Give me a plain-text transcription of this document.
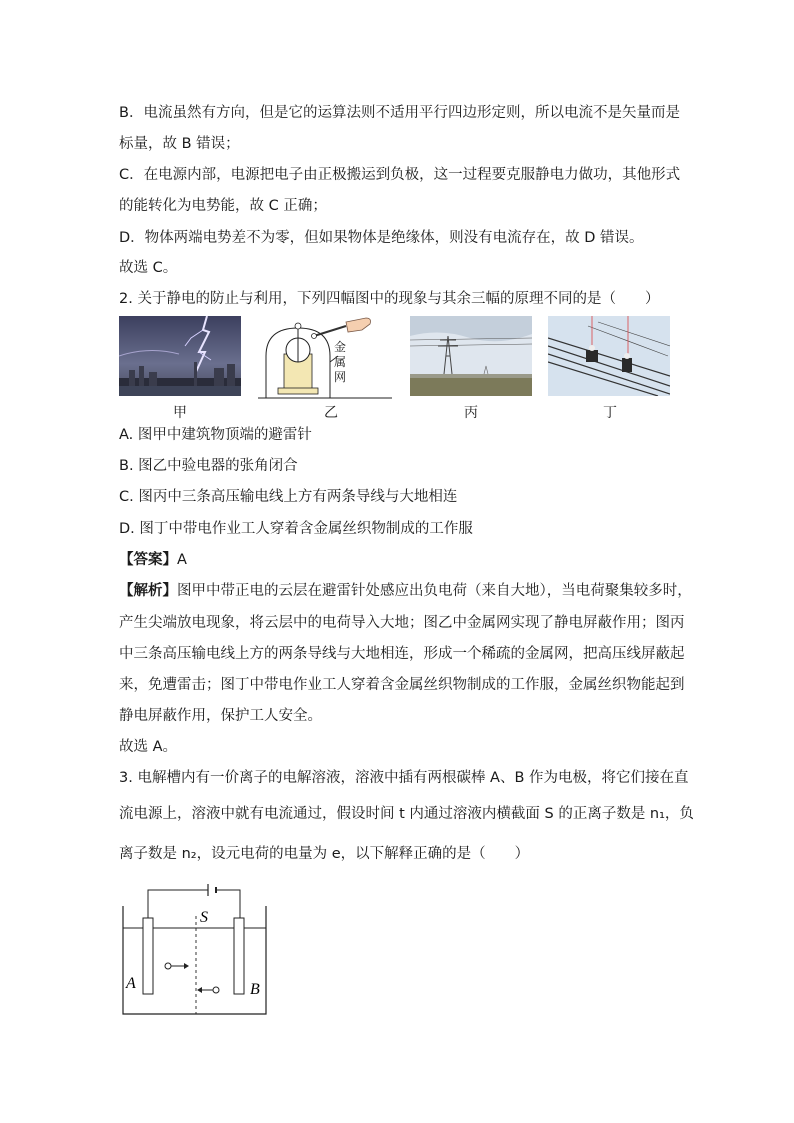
B．电流虽然有方向，但是它的运算法则不适用平行四边形定则，所以电流不是矢量而是
标量，故 B 错误；
C．在电源内部，电源把电子由正极搬运到负极，这一过程要克服静电力做功，其他形式
的能转化为电势能，故 C 正确；
D．物体两端电势差不为零，但如果物体是绝缘体，则没有电流存在，故 D 错误。
故选 C。
2. 关于静电的防止与利用，下列四幅图中的现象与其余三幅的原理不同的是（　　）
金
属
网
甲	乙	丙	丁
A. 图甲中建筑物顶端的避雷针
B. 图乙中验电器的张角闭合
C. 图丙中三条高压输电线上方有两条导线与大地相连
D. 图丁中带电作业工人穿着含金属丝织物制成的工作服
【答案】A
【解析】图甲中带正电的云层在避雷针处感应出负电荷（来自大地），当电荷聚集较多时，
产生尖端放电现象，将云层中的电荷导入大地；图乙中金属网实现了静电屏蔽作用；图丙
中三条高压输电线上方的两条导线与大地相连，形成一个稀疏的金属网，把高压线屏蔽起
来，免遭雷击；图丁中带电作业工人穿着含金属丝织物制成的工作服，金属丝织物能起到
静电屏蔽作用，保护工人安全。
故选 A。
3. 电解槽内有一价离子的电解溶液，溶液中插有两根碳棒 A、B 作为电极，将它们接在直
流电源上，溶液中就有电流通过，假设时间 t 内通过溶液内横截面 S 的正离子数是 n₁，负
离子数是 n₂，设元电荷的电量为 e，以下解释正确的是（　　）
S
A	B
